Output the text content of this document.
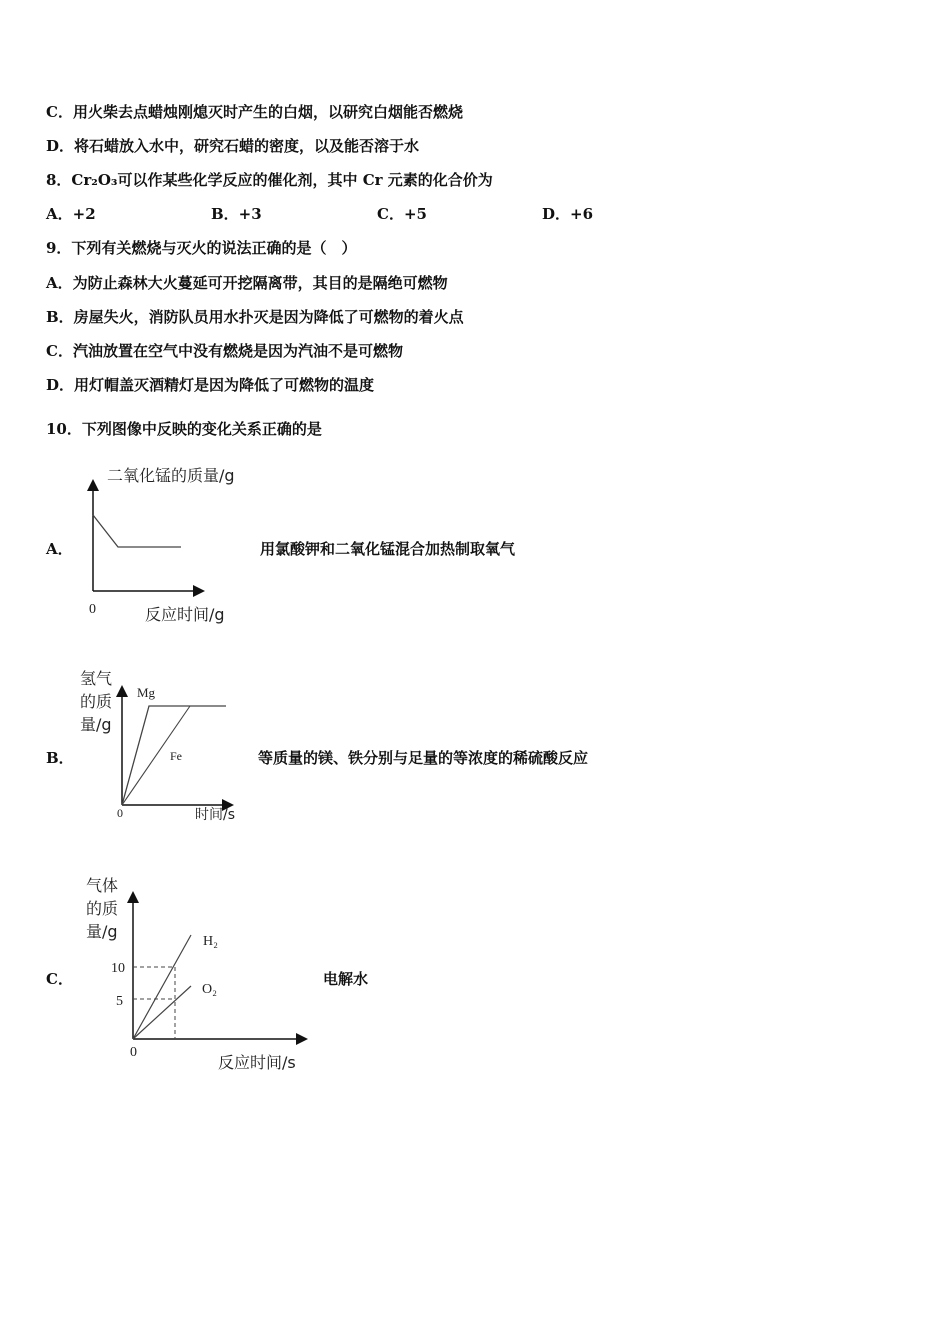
C．用火柴去点蜡烛刚熄灭时产生的白烟，以研究白烟能否燃烧
D．将石蜡放入水中，研究石蜡的密度，以及能否溶于水
8．Cr₂O₃可以作某些化学反应的催化剂，其中 Cr 元素的化合价为
A．+2	B．+3	C．+5	D．+6
9．下列有关燃烧与灭火的说法正确的是（　）
A．为防止森林大火蔓延可开挖隔离带，其目的是隔绝可燃物
B．房屋失火，消防队员用水扑灭是因为降低了可燃物的着火点
C．汽油放置在空气中没有燃烧是因为汽油不是可燃物
D．用灯帽盖灭酒精灯是因为降低了可燃物的温度
10．下列图像中反映的变化关系正确的是
A．	用氯酸钾和二氧化锰混合加热制取氧气
B．	等质量的镁、铁分别与足量的等浓度的稀硫酸反应
C．	电解水
二氧化锰的质量/g
0	反应时间/g
氢气
的质
量/g
Mg
Fe
0	时间/s
气体
的质
量/g
10
5
H₂
O₂
0
反应时间/s
